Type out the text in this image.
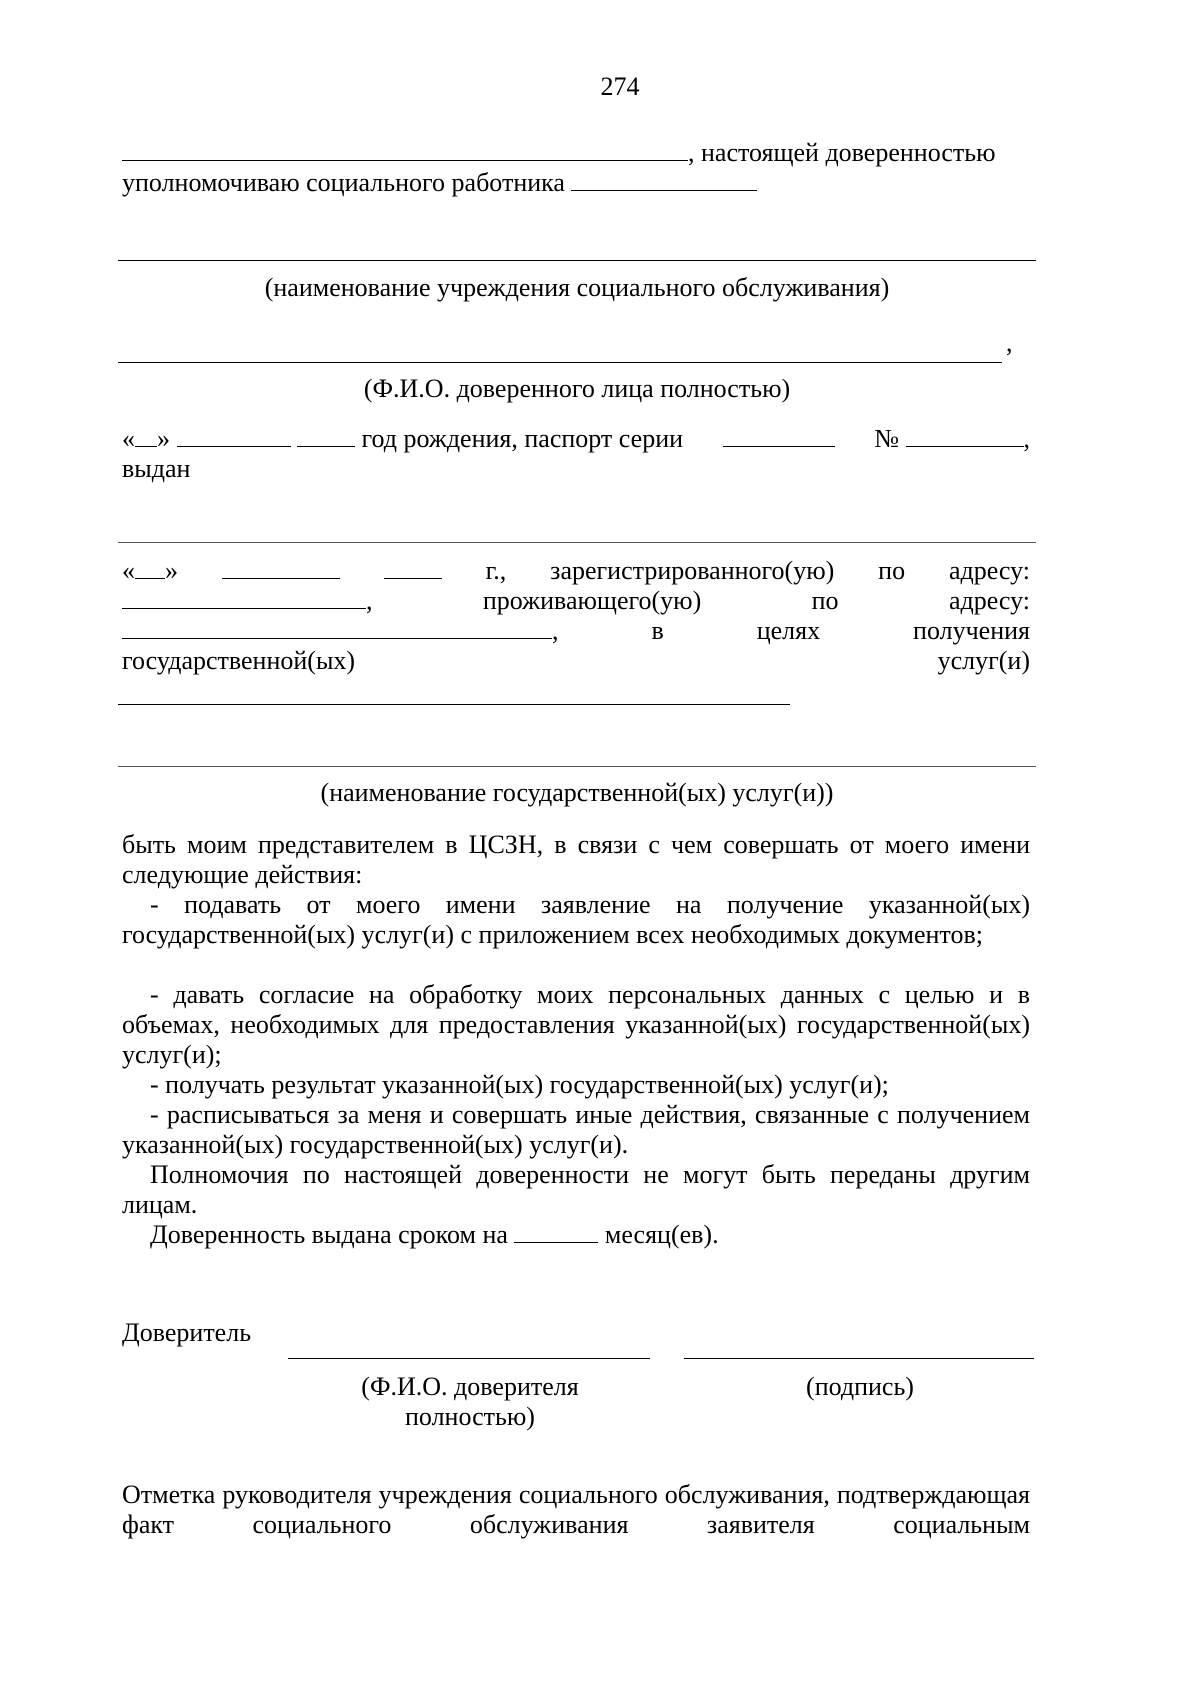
274
, настоящей доверенностью
уполномочиваю социального работника
(наименование учреждения социального обслуживания)
,
(Ф.И.О. доверенного лица полностью)
« »	год рождения, паспорт серии	№	,
выдан
« »	г., зарегистрированного(ую) по адресу:
,	проживающего(ую)	по	адресу:
,	в	целях	получения
государственной(ых)	услуг(и)
(наименование государственной(ых) услуг(и))
быть моим представителем в ЦСЗН, в связи с чем совершать от моего имени следующие действия:
- подавать от моего имени заявление на получение указанной(ых) государственной(ых) услуг(и) с приложением всех необходимых документов;
- давать согласие на обработку моих персональных данных с целью и в объемах, необходимых для предоставления указанной(ых) государственной(ых) услуг(и);
- получать результат указанной(ых) государственной(ых) услуг(и);
- расписываться за меня и совершать иные действия, связанные с получением указанной(ых) государственной(ых) услуг(и).
Полномочия по настоящей доверенности не могут быть переданы другим лицам.
Доверенность выдана сроком на	месяц(ев).
Доверитель
(Ф.И.О. доверителя
полностью)
(подпись)
Отметка руководителя учреждения социального обслуживания, подтверждающая факт социального обслуживания заявителя социальным
